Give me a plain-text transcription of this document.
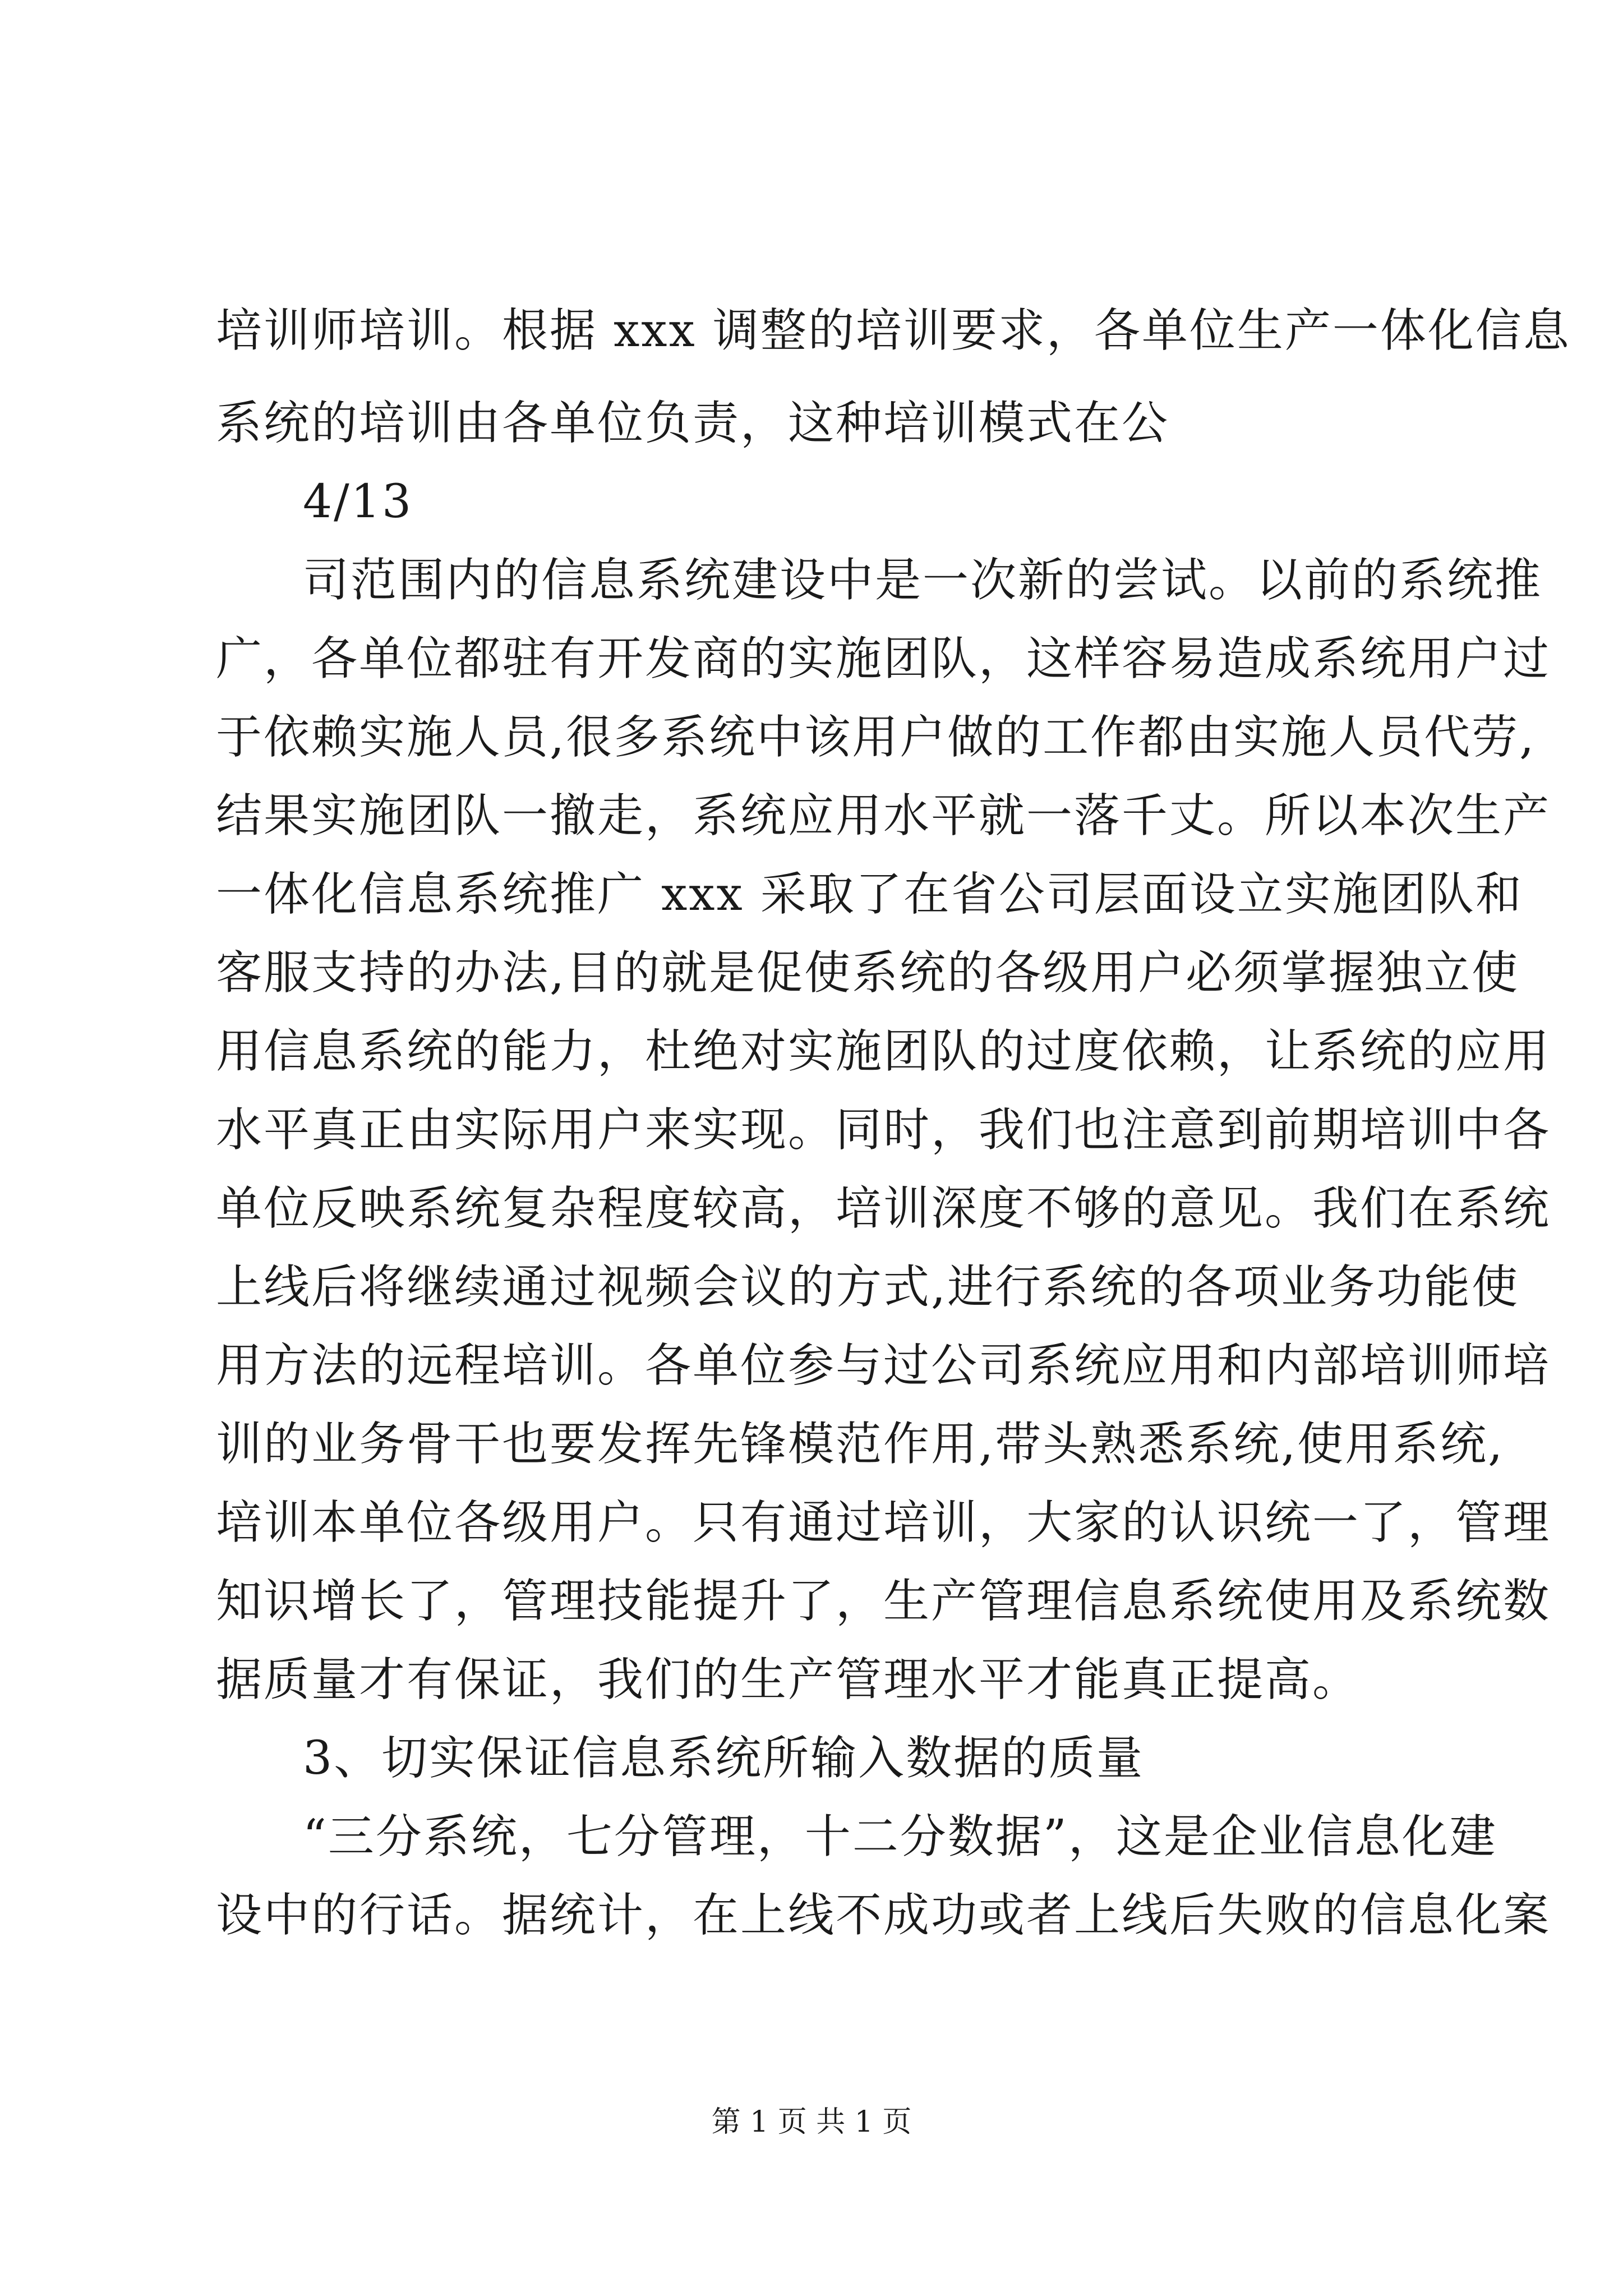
培训师培训。根据 xxx 调整的培训要求，各单位生产一体化信息
系统的培训由各单位负责，这种培训模式在公
4/13
司范围内的信息系统建设中是一次新的尝试。以前的系统推
广，各单位都驻有开发商的实施团队，这样容易造成系统用户过
于依赖实施人员,很多系统中该用户做的工作都由实施人员代劳,
结果实施团队一撤走，系统应用水平就一落千丈。所以本次生产
一体化信息系统推广 xxx 采取了在省公司层面设立实施团队和
客服支持的办法,目的就是促使系统的各级用户必须掌握独立使
用信息系统的能力，杜绝对实施团队的过度依赖，让系统的应用
水平真正由实际用户来实现。同时，我们也注意到前期培训中各
单位反映系统复杂程度较高，培训深度不够的意见。我们在系统
上线后将继续通过视频会议的方式,进行系统的各项业务功能使
用方法的远程培训。各单位参与过公司系统应用和内部培训师培
训的业务骨干也要发挥先锋模范作用,带头熟悉系统,使用系统,
培训本单位各级用户。只有通过培训，大家的认识统一了，管理
知识增长了，管理技能提升了，生产管理信息系统使用及系统数
据质量才有保证，我们的生产管理水平才能真正提高。
3、切实保证信息系统所输入数据的质量
“三分系统，七分管理，十二分数据”，这是企业信息化建
设中的行话。据统计，在上线不成功或者上线后失败的信息化案
第 1 页 共 1 页
